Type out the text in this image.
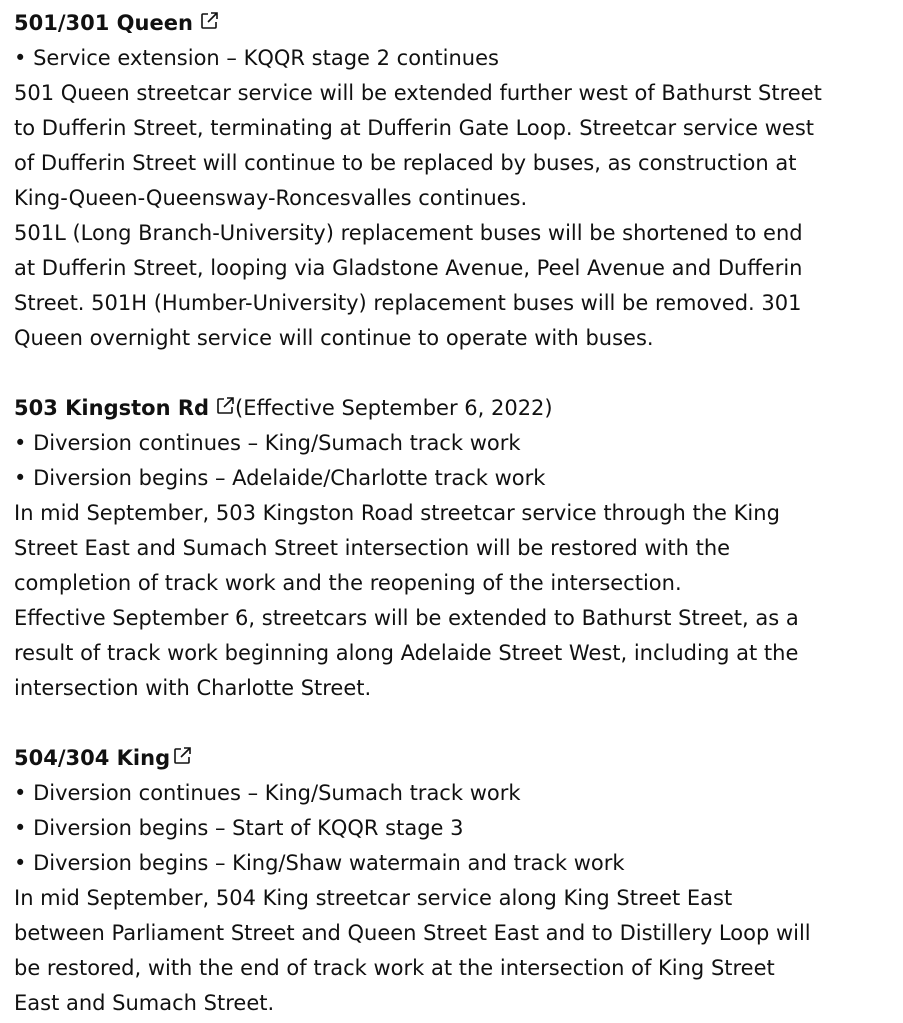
501/301 Queen
• Service extension – KQQR stage 2 continues
501 Queen streetcar service will be extended further west of Bathurst Street
to Dufferin Street, terminating at Dufferin Gate Loop. Streetcar service west
of Dufferin Street will continue to be replaced by buses, as construction at
King-Queen-Queensway-Roncesvalles continues.
501L (Long Branch-University) replacement buses will be shortened to end
at Dufferin Street, looping via Gladstone Avenue, Peel Avenue and Dufferin
Street. 501H (Humber-University) replacement buses will be removed. 301
Queen overnight service will continue to operate with buses.
503 Kingston Rd (Effective September 6, 2022)
• Diversion continues – King/Sumach track work
• Diversion begins – Adelaide/Charlotte track work
In mid September, 503 Kingston Road streetcar service through the King
Street East and Sumach Street intersection will be restored with the
completion of track work and the reopening of the intersection.
Effective September 6, streetcars will be extended to Bathurst Street, as a
result of track work beginning along Adelaide Street West, including at the
intersection with Charlotte Street.
504/304 King
• Diversion continues – King/Sumach track work
• Diversion begins – Start of KQQR stage 3
• Diversion begins – King/Shaw watermain and track work
In mid September, 504 King streetcar service along King Street East
between Parliament Street and Queen Street East and to Distillery Loop will
be restored, with the end of track work at the intersection of King Street
East and Sumach Street.
